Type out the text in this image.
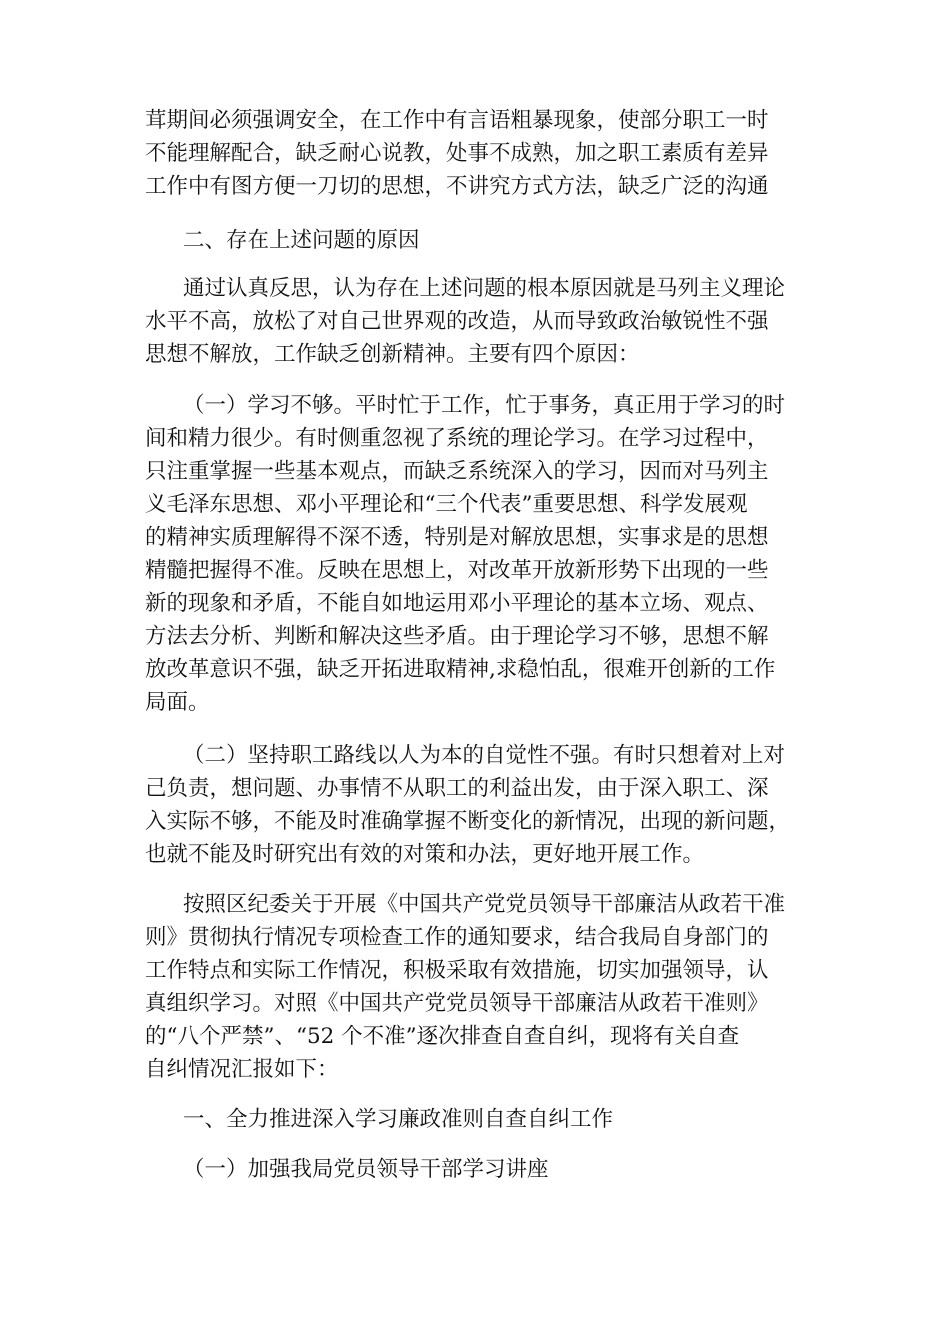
茸期间必须强调安全，在工作中有言语粗暴现象，使部分职工一时
不能理解配合，缺乏耐心说教，处事不成熟，加之职工素质有差异
工作中有图方便一刀切的思想，不讲究方式方法，缺乏广泛的沟通
二、存在上述问题的原因
通过认真反思，认为存在上述问题的根本原因就是马列主义理论
水平不高，放松了对自己世界观的改造，从而导致政治敏锐性不强
思想不解放，工作缺乏创新精神。主要有四个原因：
（一）学习不够。平时忙于工作，忙于事务，真正用于学习的时
间和精力很少。有时侧重忽视了系统的理论学习。在学习过程中，
只注重掌握一些基本观点，而缺乏系统深入的学习，因而对马列主
义毛泽东思想、邓小平理论和“三个代表”重要思想、科学发展观
的精神实质理解得不深不透，特别是对解放思想，实事求是的思想
精髓把握得不准。反映在思想上，对改革开放新形势下出现的一些
新的现象和矛盾，不能自如地运用邓小平理论的基本立场、观点、
方法去分析、判断和解决这些矛盾。由于理论学习不够，思想不解
放改革意识不强，缺乏开拓进取精神,求稳怕乱，很难开创新的工作
局面。
（二）坚持职工路线以人为本的自觉性不强。有时只想着对上对
己负责，想问题、办事情不从职工的利益出发，由于深入职工、深
入实际不够，不能及时准确掌握不断变化的新情况，出现的新问题，
也就不能及时研究出有效的对策和办法，更好地开展工作。
按照区纪委关于开展《中国共产党党员领导干部廉洁从政若干准
则》贯彻执行情况专项检查工作的通知要求，结合我局自身部门的
工作特点和实际工作情况，积极采取有效措施，切实加强领导，认
真组织学习。对照《中国共产党党员领导干部廉洁从政若干准则》
的“八个严禁”、“52 个不准”逐次排查自查自纠，现将有关自查
自纠情况汇报如下：
一、全力推进深入学习廉政准则自查自纠工作
（一）加强我局党员领导干部学习讲座
